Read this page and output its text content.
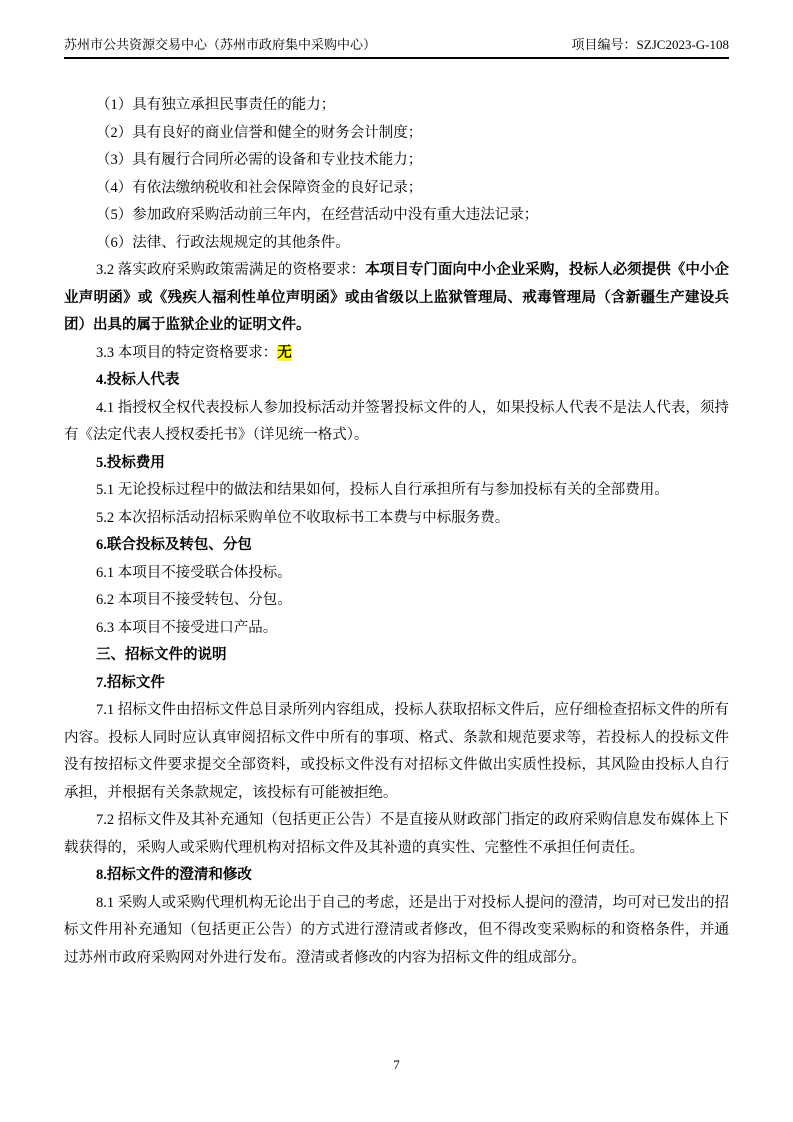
苏州市公共资源交易中心（苏州市政府集中采购中心）	项目编号：SZJC2023-G-108

（1）具有独立承担民事责任的能力；

（2）具有良好的商业信誉和健全的财务会计制度；

（3）具有履行合同所必需的设备和专业技术能力；

（4）有依法缴纳税收和社会保障资金的良好记录；

（5）参加政府采购活动前三年内，在经营活动中没有重大违法记录；

（6）法律、行政法规规定的其他条件。

3.2 落实政府采购政策需满足的资格要求：本项目专门面向中小企业采购，投标人必须提供《中小企业声明函》或《残疾人福利性单位声明函》或由省级以上监狱管理局、戒毒管理局（含新疆生产建设兵团）出具的属于监狱企业的证明文件。

3.3 本项目的特定资格要求：无

4.投标人代表

4.1 指授权全权代表投标人参加投标活动并签署投标文件的人，如果投标人代表不是法人代表，须持有《法定代表人授权委托书》（详见统一格式）。

5.投标费用

5.1 无论投标过程中的做法和结果如何，投标人自行承担所有与参加投标有关的全部费用。

5.2 本次招标活动招标采购单位不收取标书工本费与中标服务费。

6.联合投标及转包、分包

6.1 本项目不接受联合体投标。

6.2 本项目不接受转包、分包。

6.3 本项目不接受进口产品。

三、招标文件的说明

7.招标文件

7.1 招标文件由招标文件总目录所列内容组成，投标人获取招标文件后，应仔细检查招标文件的所有内容。投标人同时应认真审阅招标文件中所有的事项、格式、条款和规范要求等，若投标人的投标文件没有按招标文件要求提交全部资料，或投标文件没有对招标文件做出实质性投标，其风险由投标人自行承担，并根据有关条款规定，该投标有可能被拒绝。

7.2 招标文件及其补充通知（包括更正公告）不是直接从财政部门指定的政府采购信息发布媒体上下载获得的，采购人或采购代理机构对招标文件及其补遗的真实性、完整性不承担任何责任。

8.招标文件的澄清和修改

8.1 采购人或采购代理机构无论出于自己的考虑，还是出于对投标人提问的澄清，均可对已发出的招标文件用补充通知（包括更正公告）的方式进行澄清或者修改，但不得改变采购标的和资格条件，并通过苏州市政府采购网对外进行发布。澄清或者修改的内容为招标文件的组成部分。

7
